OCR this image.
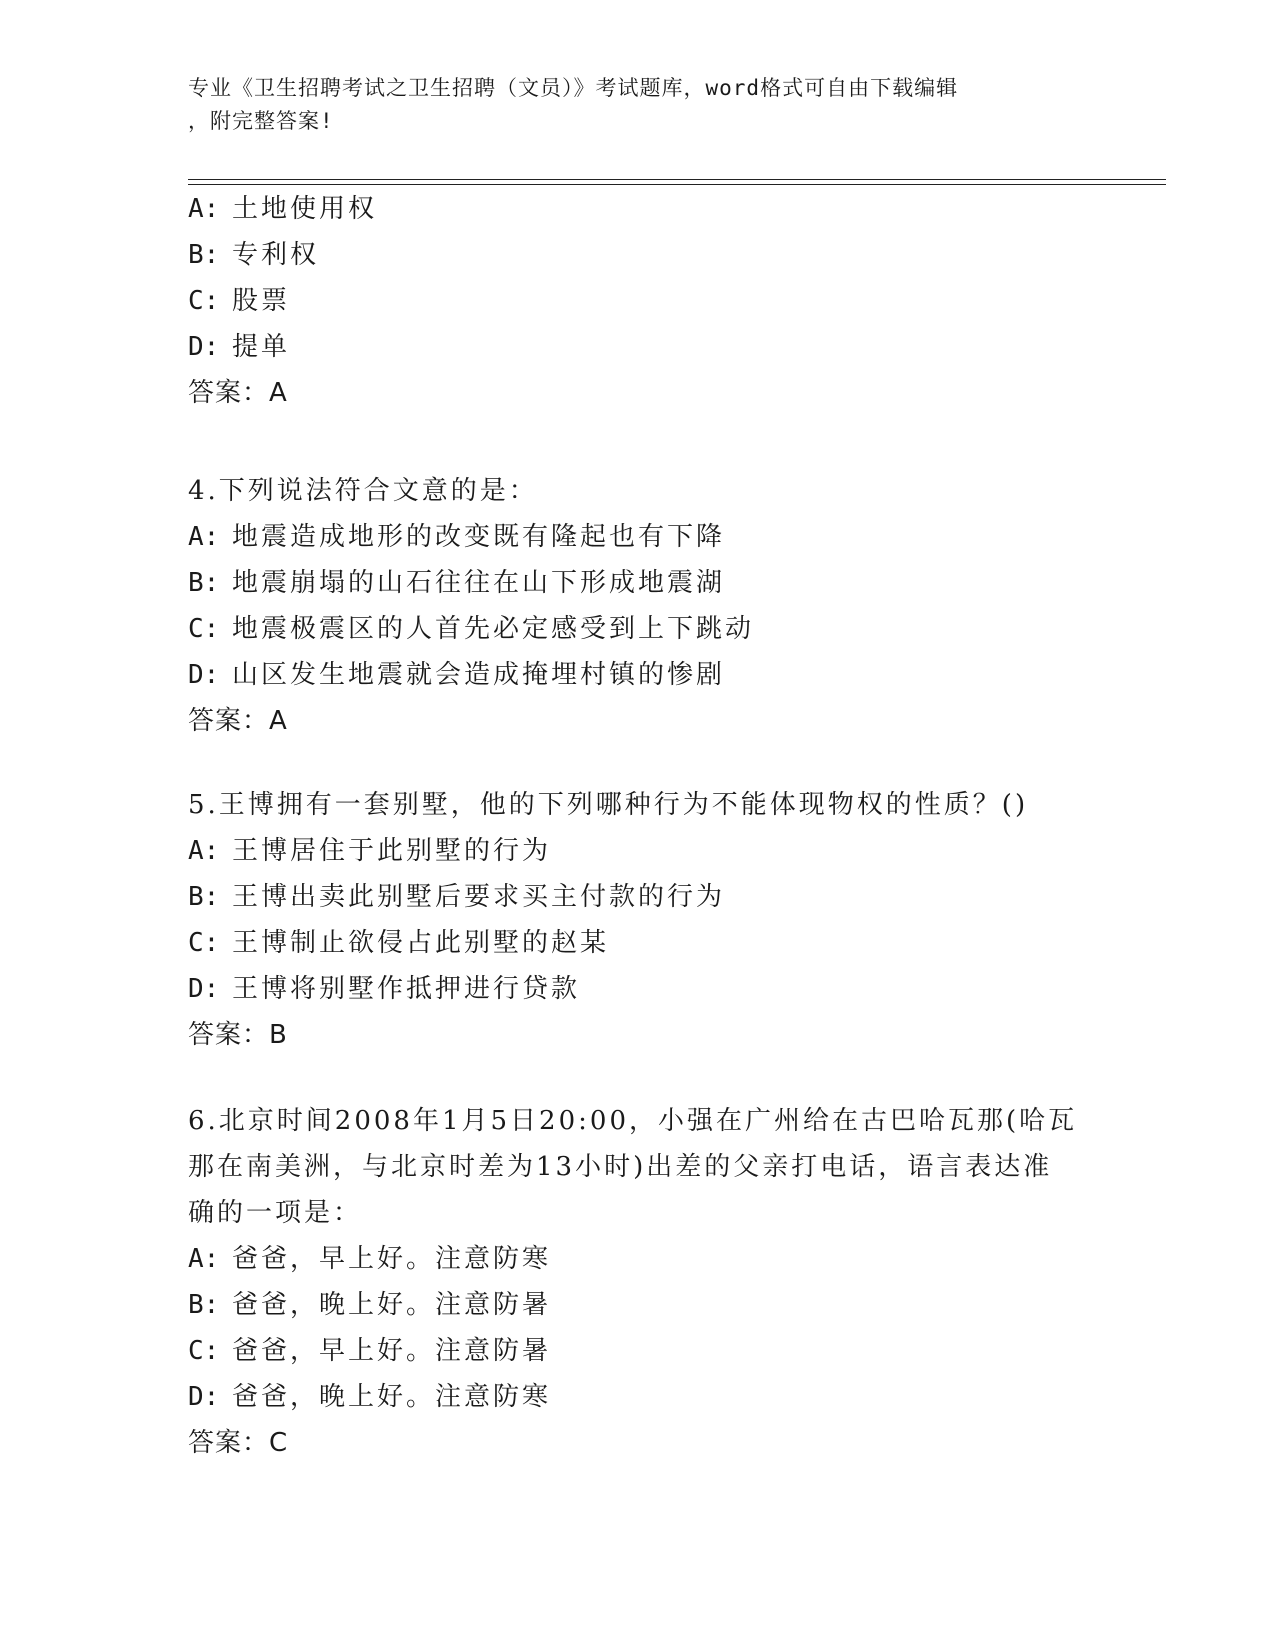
专业《卫生招聘考试之卫生招聘（文员）》考试题库，word格式可自由下载编辑
，附完整答案!
A: 土地使用权
B: 专利权
C: 股票
D: 提单
答案：A
4.下列说法符合文意的是：
A: 地震造成地形的改变既有隆起也有下降
B: 地震崩塌的山石往往在山下形成地震湖
C: 地震极震区的人首先必定感受到上下跳动
D: 山区发生地震就会造成掩埋村镇的惨剧
答案：A
5.王博拥有一套别墅，他的下列哪种行为不能体现物权的性质？()
A: 王博居住于此别墅的行为
B: 王博出卖此别墅后要求买主付款的行为
C: 王博制止欲侵占此别墅的赵某
D: 王博将别墅作抵押进行贷款
答案：B
6.北京时间2008年1月5日20:00，小强在广州给在古巴哈瓦那(哈瓦
那在南美洲，与北京时差为13小时)出差的父亲打电话，语言表达准
确的一项是：
A: 爸爸，早上好。注意防寒
B: 爸爸，晚上好。注意防暑
C: 爸爸，早上好。注意防暑
D: 爸爸，晚上好。注意防寒
答案：C
